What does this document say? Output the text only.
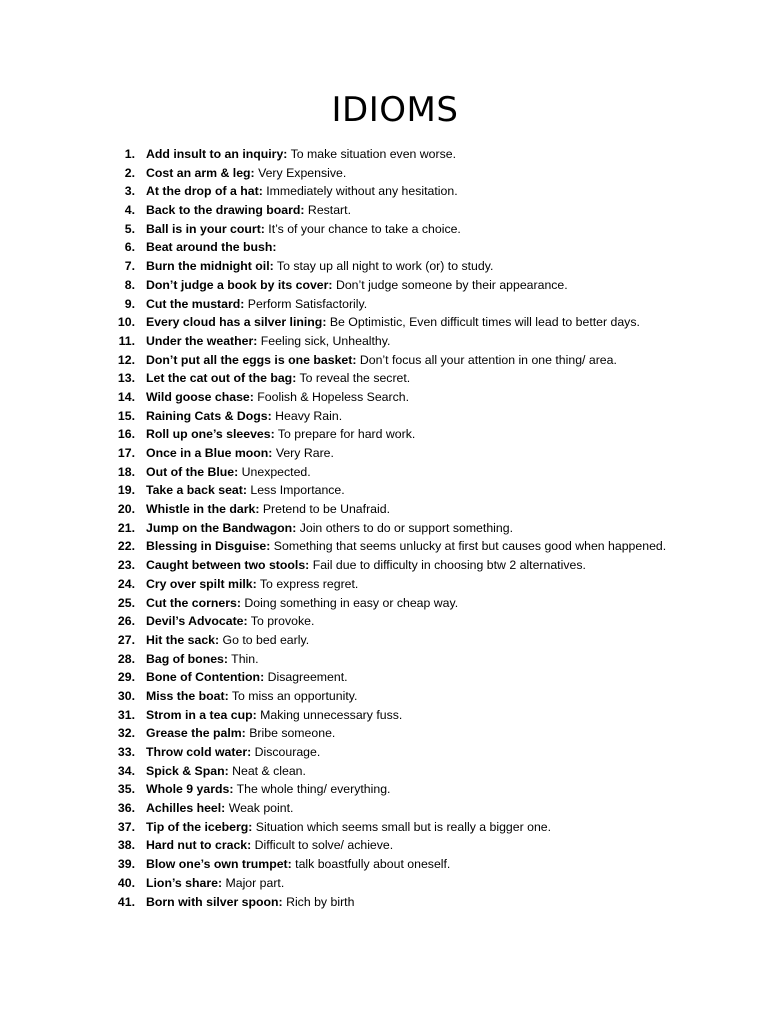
IDIOMS
1. Add insult to an inquiry: To make situation even worse.
2. Cost an arm & leg: Very Expensive.
3. At the drop of a hat: Immediately without any hesitation.
4. Back to the drawing board: Restart.
5. Ball is in your court: It’s of your chance to take a choice.
6. Beat around the bush:
7. Burn the midnight oil: To stay up all night to work (or) to study.
8. Don’t judge a book by its cover: Don’t judge someone by their appearance.
9. Cut the mustard: Perform Satisfactorily.
10. Every cloud has a silver lining: Be Optimistic, Even difficult times will lead to better days.
11. Under the weather: Feeling sick, Unhealthy.
12. Don’t put all the eggs is one basket: Don’t focus all your attention in one thing/ area.
13. Let the cat out of the bag: To reveal the secret.
14. Wild goose chase: Foolish & Hopeless Search.
15. Raining Cats & Dogs: Heavy Rain.
16. Roll up one’s sleeves: To prepare for hard work.
17. Once in a Blue moon: Very Rare.
18. Out of the Blue: Unexpected.
19. Take a back seat: Less Importance.
20. Whistle in the dark: Pretend to be Unafraid.
21. Jump on the Bandwagon: Join others to do or support something.
22. Blessing in Disguise: Something that seems unlucky at first but causes good when happened.
23. Caught between two stools: Fail due to difficulty in choosing btw 2 alternatives.
24. Cry over spilt milk: To express regret.
25. Cut the corners: Doing something in easy or cheap way.
26. Devil’s Advocate: To provoke.
27. Hit the sack: Go to bed early.
28. Bag of bones: Thin.
29. Bone of Contention: Disagreement.
30. Miss the boat: To miss an opportunity.
31. Strom in a tea cup: Making unnecessary fuss.
32. Grease the palm: Bribe someone.
33. Throw cold water: Discourage.
34. Spick & Span: Neat & clean.
35. Whole 9 yards: The whole thing/ everything.
36. Achilles heel: Weak point.
37. Tip of the iceberg: Situation which seems small but is really a bigger one.
38. Hard nut to crack: Difficult to solve/ achieve.
39. Blow one’s own trumpet: talk boastfully about oneself.
40. Lion’s share: Major part.
41. Born with silver spoon: Rich by birth
